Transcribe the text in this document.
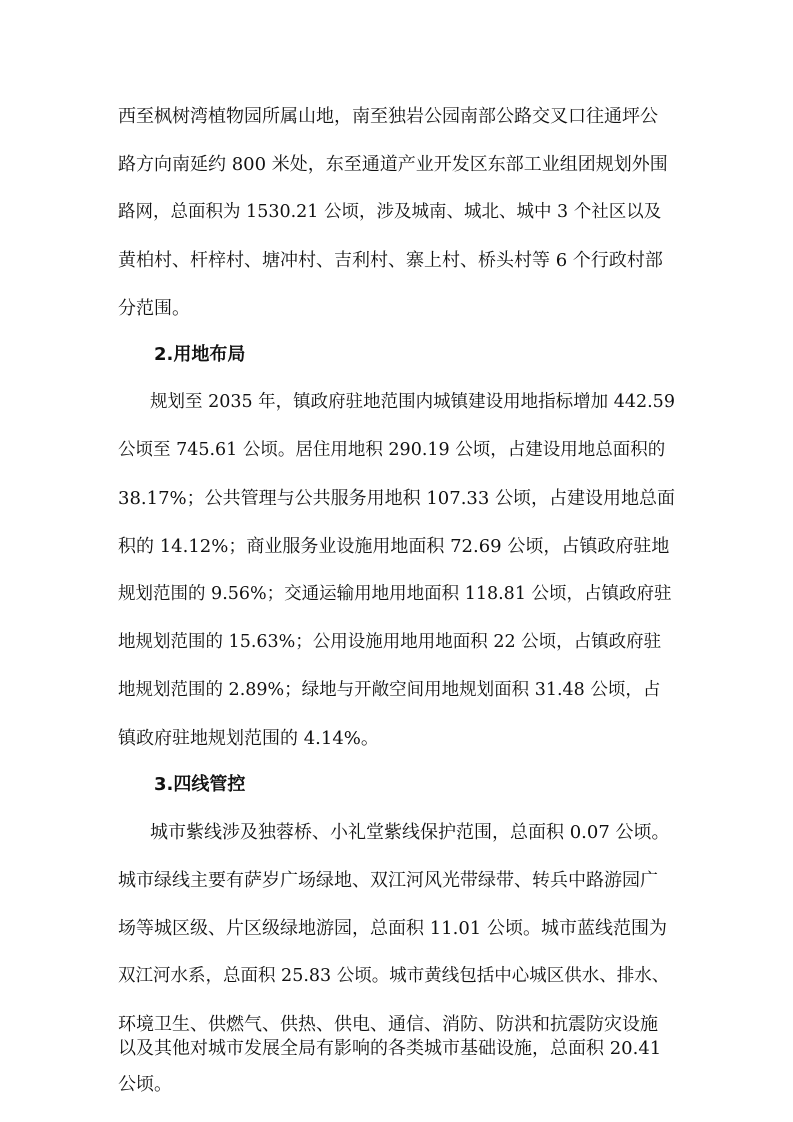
西至枫树湾植物园所属山地，南至独岩公园南部公路交叉口往通坪公
路方向南延约 800 米处，东至通道产业开发区东部工业组团规划外围
路网，总面积为 1530.21 公顷，涉及城南、城北、城中 3 个社区以及
黄柏村、杆梓村、塘冲村、吉利村、寨上村、桥头村等 6 个行政村部
分范围。
2.用地布局
规划至 2035 年，镇政府驻地范围内城镇建设用地指标增加 442.59
公顷至 745.61 公顷。居住用地积 290.19 公顷，占建设用地总面积的
38.17%；公共管理与公共服务用地积 107.33 公顷，占建设用地总面
积的 14.12%；商业服务业设施用地面积 72.69 公顷，占镇政府驻地
规划范围的 9.56%；交通运输用地用地面积 118.81 公顷，占镇政府驻
地规划范围的 15.63%；公用设施用地用地面积 22 公顷，占镇政府驻
地规划范围的 2.89%；绿地与开敞空间用地规划面积 31.48 公顷，占
镇政府驻地规划范围的 4.14%。
3.四线管控
城市紫线涉及独蓉桥、小礼堂紫线保护范围，总面积 0.07 公顷。
城市绿线主要有萨岁广场绿地、双江河风光带绿带、转兵中路游园广
场等城区级、片区级绿地游园，总面积 11.01 公顷。城市蓝线范围为
双江河水系，总面积 25.83 公顷。城市黄线包括中心城区供水、排水、
环境卫生、供燃气、供热、供电、通信、消防、防洪和抗震防灾设施
以及其他对城市发展全局有影响的各类城市基础设施，总面积 20.41
公顷。
